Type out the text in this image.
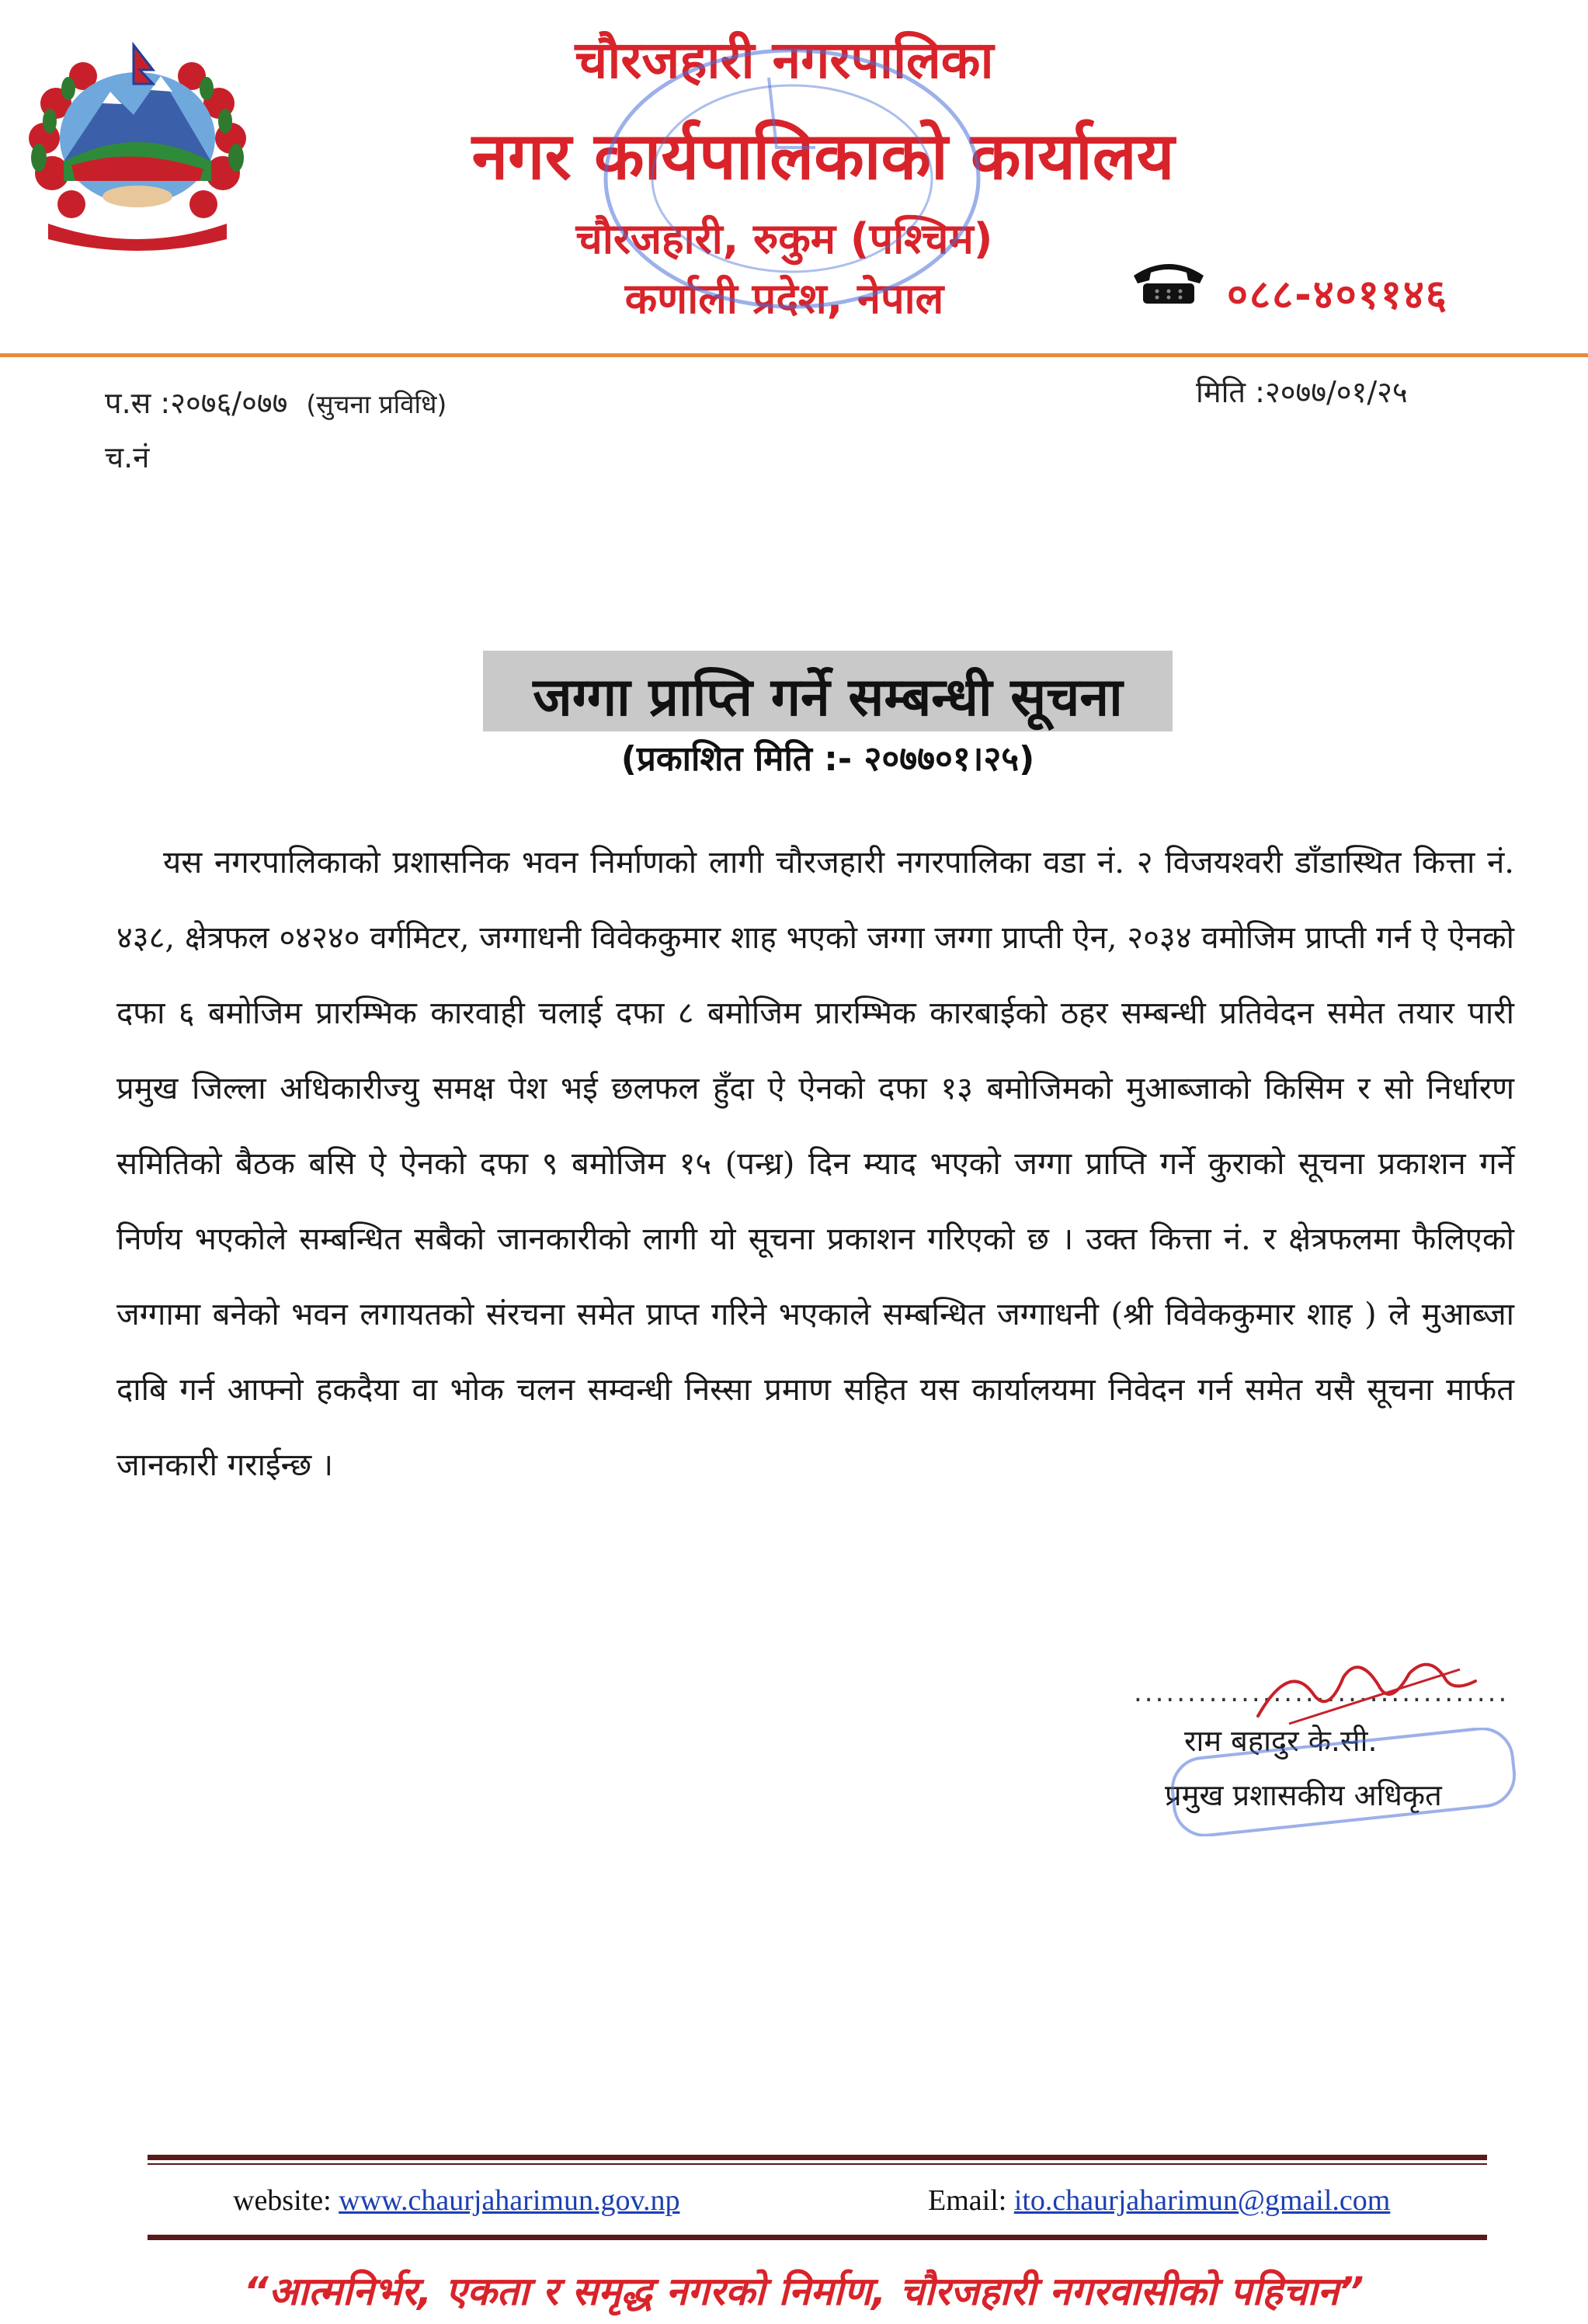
चौरजहारी नगरपालिका
नगर कार्यपालिकाको कार्यालय
चौरजहारी, रुकुम (पश्चिम)
कर्णाली प्रदेश, नेपाल	०८८-४०११४६
प.स :२०७६/०७७ (सुचना प्रविधि)
च.नं
मिति :२०७७/०१/२५
जग्गा प्राप्ति गर्ने सम्बन्धी सूचना
(प्रकाशित मिति :- २०७७०१।२५)
यस नगरपालिकाको प्रशासनिक भवन निर्माणको लागी चौरजहारी नगरपालिका वडा नं. २ विजयश्वरी डाँडास्थित कित्ता नं. ४३८, क्षेत्रफल ०४२४० वर्गमिटर, जग्गाधनी विवेककुमार शाह भएको जग्गा जग्गा प्राप्ती ऐन, २०३४ वमोजिम प्राप्ती गर्न ऐ ऐनको दफा ६ बमोजिम प्रारम्भिक कारवाही चलाई दफा ८ बमोजिम प्रारम्भिक कारबाईको ठहर सम्बन्धी प्रतिवेदन समेत तयार पारी प्रमुख जिल्ला अधिकारीज्यु समक्ष पेश भई छलफल हुँदा ऐ ऐनको दफा १३ बमोजिमको मुआब्जाको किसिम र सो निर्धारण समितिको बैठक बसि ऐ ऐनको दफा ९ बमोजिम १५ (पन्ध्र) दिन म्याद भएको जग्गा प्राप्ति गर्ने कुराको सूचना प्रकाशन गर्ने निर्णय भएकोले सम्बन्धित सबैको जानकारीको लागी यो सूचना प्रकाशन गरिएको छ । उक्त कित्ता नं. र क्षेत्रफलमा फैलिएको जग्गामा बनेको भवन लगायतको संरचना समेत प्राप्त गरिने भएकाले सम्बन्धित जग्गाधनी (श्री विवेककुमार शाह ) ले मुआब्जा दाबि गर्न आफ्नो हकदैया वा भोक चलन सम्वन्धी निस्सा प्रमाण सहित यस कार्यालयमा निवेदन गर्न समेत यसै सूचना मार्फत जानकारी गराईन्छ ।
...................................
राम बहादुर के.सी.
प्रमुख प्रशासकीय अधिकृत
website: www.chaurjaharimun.gov.np	Email: ito.chaurjaharimun@gmail.com
“आत्मनिर्भर, एकता र समृद्ध नगरको निर्माण, चौरजहारी नगरवासीको पहिचान”
